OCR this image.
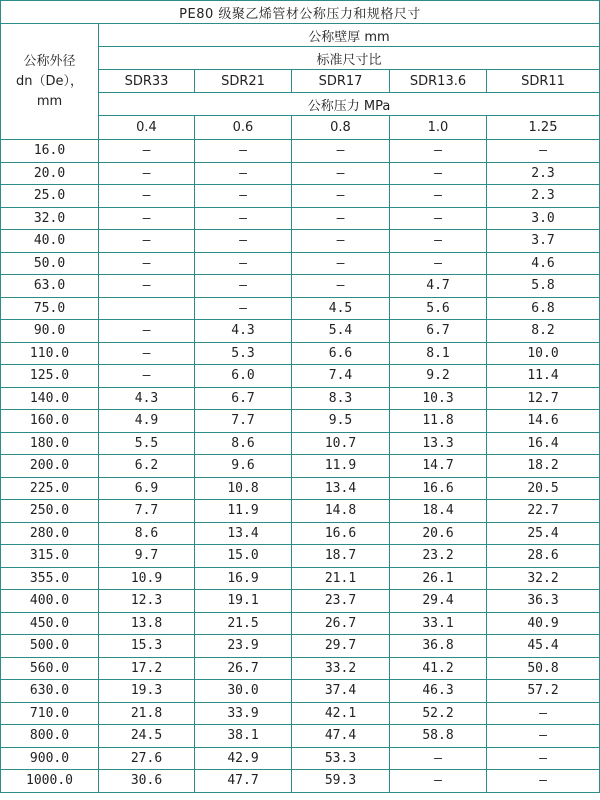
PE80 级聚乙烯管材公称压力和规格尺寸					
公称外径
dn（De），
mm	公称壁厚 mm				
	标准尺寸比				
	SDR33	SDR21	SDR17	SDR13.6	SDR11
	公称压力 MPa				
	0.4	0.6	0.8	1.0	1.25
16.0	–	–	–	–	–
20.0	–	–	–	–	2.3
25.0	–	–	–	–	2.3
32.0	–	–	–	–	3.0
40.0	–	–	–	–	3.7
50.0	–	–	–	–	4.6
63.0	–	–	–	4.7	5.8
75.0		–	4.5	5.6	6.8
90.0	–	4.3	5.4	6.7	8.2
110.0	–	5.3	6.6	8.1	10.0
125.0	–	6.0	7.4	9.2	11.4
140.0	4.3	6.7	8.3	10.3	12.7
160.0	4.9	7.7	9.5	11.8	14.6
180.0	5.5	8.6	10.7	13.3	16.4
200.0	6.2	9.6	11.9	14.7	18.2
225.0	6.9	10.8	13.4	16.6	20.5
250.0	7.7	11.9	14.8	18.4	22.7
280.0	8.6	13.4	16.6	20.6	25.4
315.0	9.7	15.0	18.7	23.2	28.6
355.0	10.9	16.9	21.1	26.1	32.2
400.0	12.3	19.1	23.7	29.4	36.3
450.0	13.8	21.5	26.7	33.1	40.9
500.0	15.3	23.9	29.7	36.8	45.4
560.0	17.2	26.7	33.2	41.2	50.8
630.0	19.3	30.0	37.4	46.3	57.2
710.0	21.8	33.9	42.1	52.2	–
800.0	24.5	38.1	47.4	58.8	–
900.0	27.6	42.9	53.3	–	–
1000.0	30.6	47.7	59.3	–	–
